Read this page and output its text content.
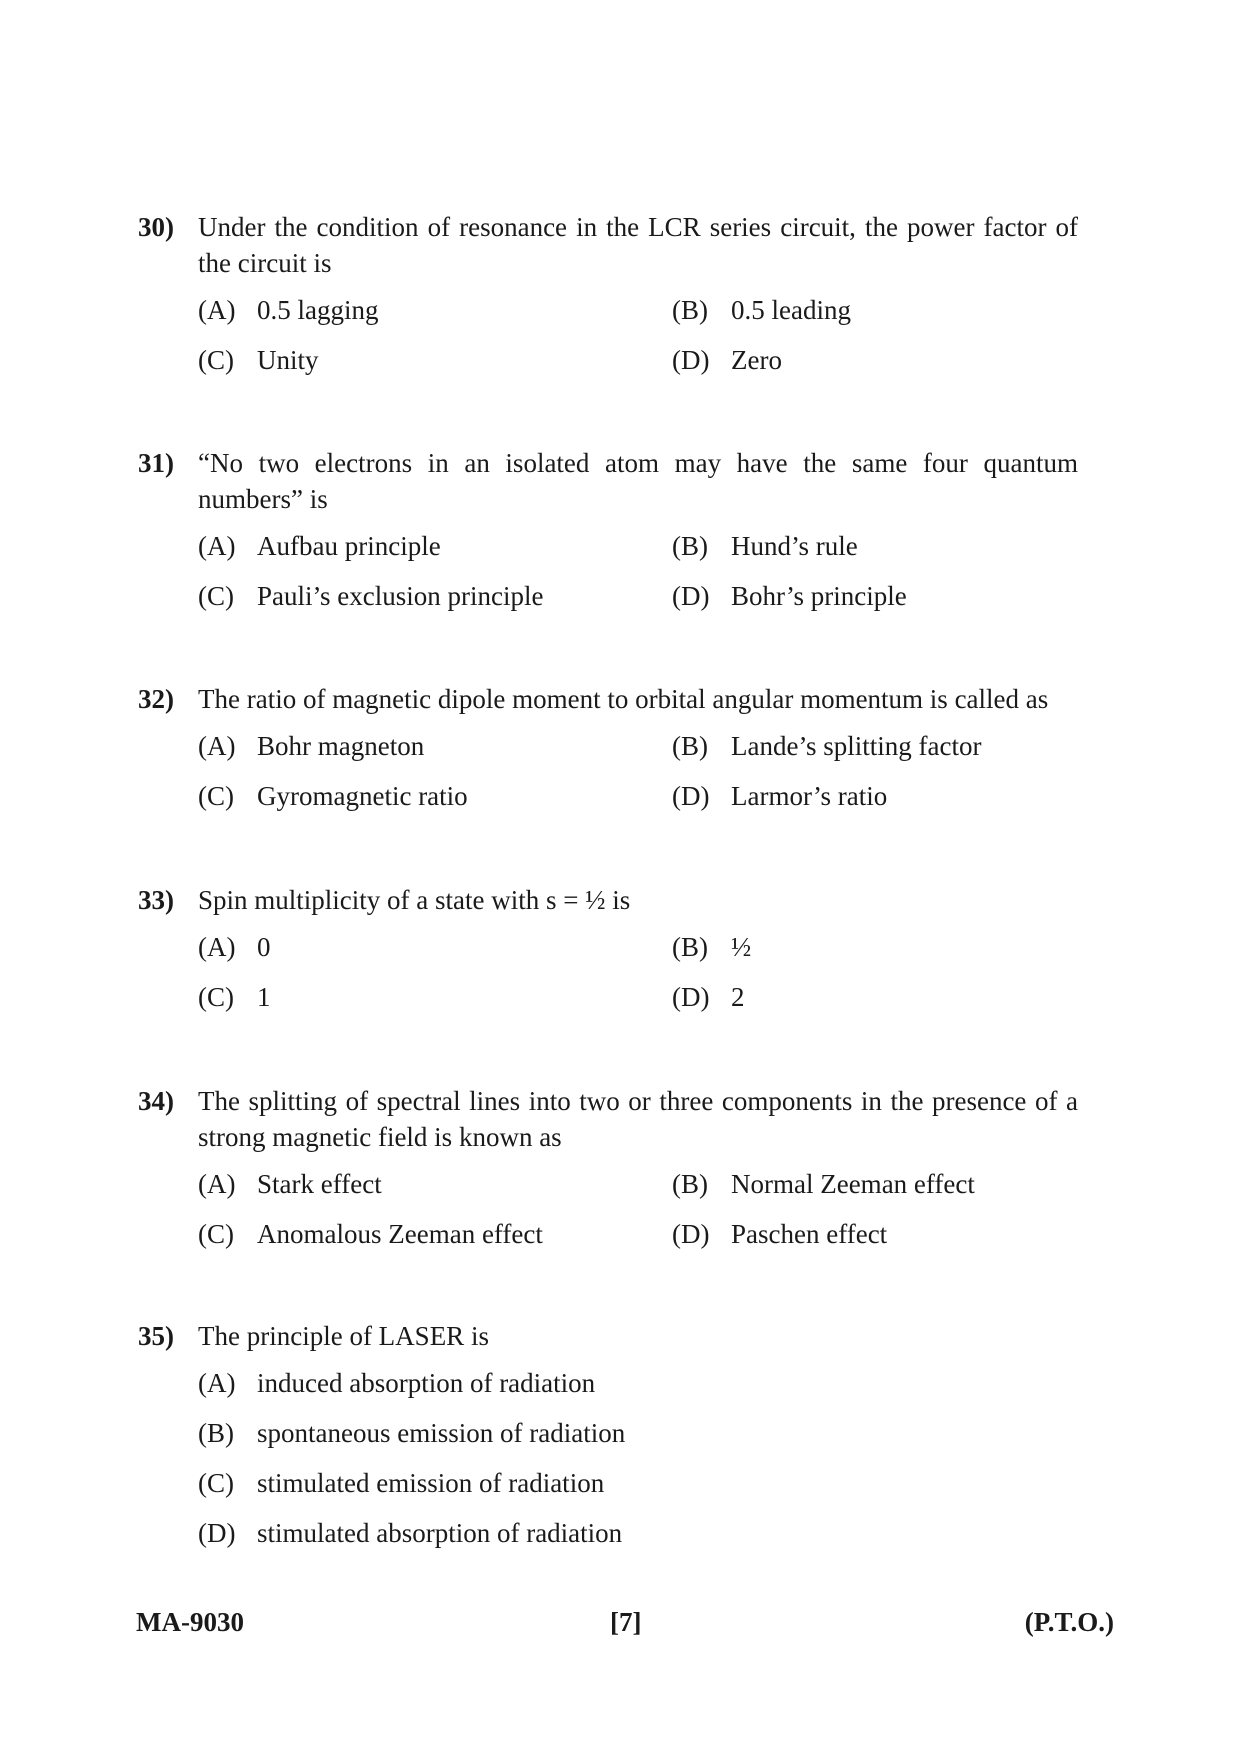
30) Under the condition of resonance in the LCR series circuit, the power factor of the circuit is
(A) 0.5 lagging	(B) 0.5 leading
(C) Unity	(D) Zero
31) “No two electrons in an isolated atom may have the same four quantum numbers” is
(A) Aufbau principle	(B) Hund’s rule
(C) Pauli’s exclusion principle	(D) Bohr’s principle
32) The ratio of magnetic dipole moment to orbital angular momentum is called as
(A) Bohr magneton	(B) Lande’s splitting factor
(C) Gyromagnetic ratio	(D) Larmor’s ratio
33) Spin multiplicity of a state with s = ½ is
(A) 0	(B) ½
(C) 1	(D) 2
34) The splitting of spectral lines into two or three components in the presence of a strong magnetic field is known as
(A) Stark effect	(B) Normal Zeeman effect
(C) Anomalous Zeeman effect	(D) Paschen effect
35) The principle of LASER is
(A) induced absorption of radiation
(B) spontaneous emission of radiation
(C) stimulated emission of radiation
(D) stimulated absorption of radiation
MA-9030	[7]	(P.T.O.)
